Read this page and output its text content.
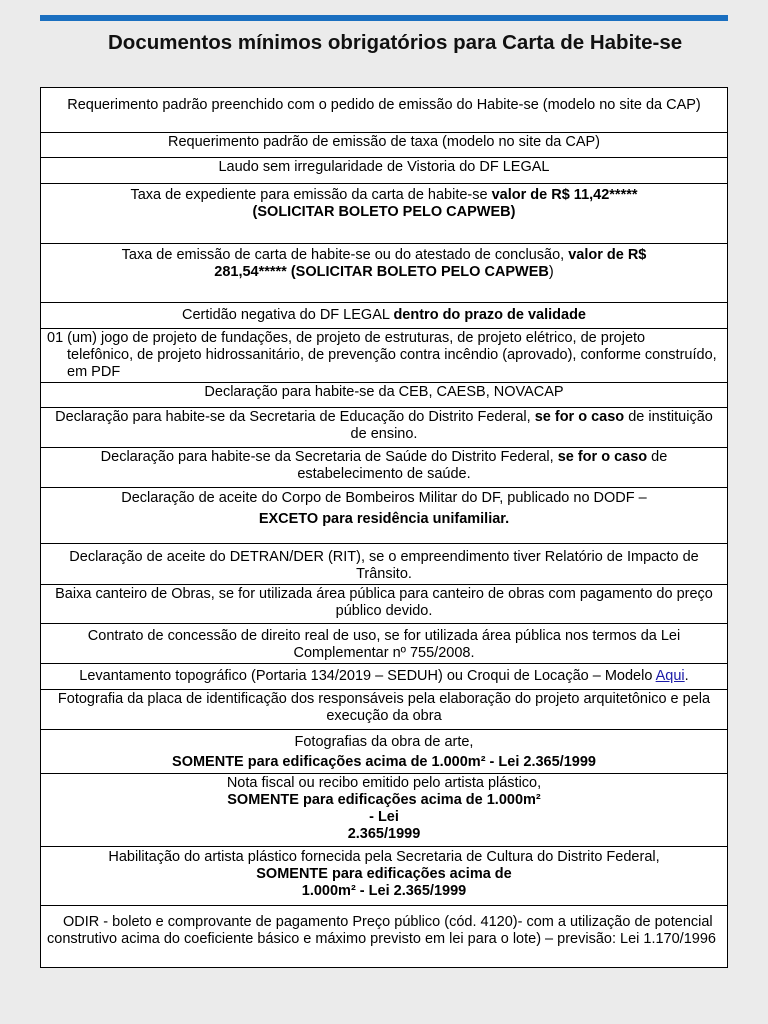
Documentos mínimos obrigatórios para Carta de Habite-se
Requerimento padrão preenchido com o pedido de emissão do Habite-se (modelo no site da CAP)
Requerimento padrão de emissão de taxa (modelo no site da CAP)
Laudo sem irregularidade de Vistoria do DF LEGAL
Taxa de expediente para emissão da carta de habite-se valor de R$ 11,42*****
(SOLICITAR BOLETO PELO CAPWEB)
Taxa de emissão de carta de habite-se ou do atestado de conclusão, valor de R$
281,54***** (SOLICITAR BOLETO PELO CAPWEB)
Certidão negativa do DF LEGAL dentro do prazo de validade

01 (um) jogo de projeto de fundações, de projeto de estruturas, de projeto elétrico, de projeto
telefônico, de projeto hidrossanitário, de prevenção contra incêndio (aprovado), conforme construído, em PDF

Declaração para habite-se da CEB, CAESB, NOVACAP
Declaração para habite-se da Secretaria de Educação do Distrito Federal, se for o caso de instituição de ensino.
Declaração para habite-se da Secretaria de Saúde do Distrito Federal, se for o caso de estabelecimento de saúde.

Declaração de aceite do Corpo de Bombeiros Militar do DF, publicado no DODF –
EXCETO para residência unifamiliar.

Declaração de aceite do DETRAN/DER (RIT), se o empreendimento tiver Relatório de Impacto de Trânsito.
Baixa canteiro de Obras, se for utilizada área pública para canteiro de obras com pagamento do preço público devido.
Contrato de concessão de direito real de uso, se for utilizada área pública nos termos da Lei Complementar nº 755/2008.
Levantamento topográfico (Portaria 134/2019 – SEDUH) ou Croqui de Locação – Modelo Aqui.
Fotografia da placa de identificação dos responsáveis pela elaboração do projeto arquitetônico e pela execução da obra

Fotografias da obra de arte,
SOMENTE para edificações acima de 1.000m² - Lei 2.365/1999

Nota fiscal ou recibo emitido pelo artista plástico,
SOMENTE para edificações acima de 1.000m²
- Lei
2.365/1999

Habilitação do artista plástico fornecida pela Secretaria de Cultura do Distrito Federal,
SOMENTE para edificações acima de
1.000m² - Lei 2.365/1999

ODIR - boleto e comprovante de pagamento Preço público (cód. 4120)- com a utilização de potencial construtivo acima do coeficiente básico e máximo previsto em lei para o lote) – previsão: Lei 1.170/1996
